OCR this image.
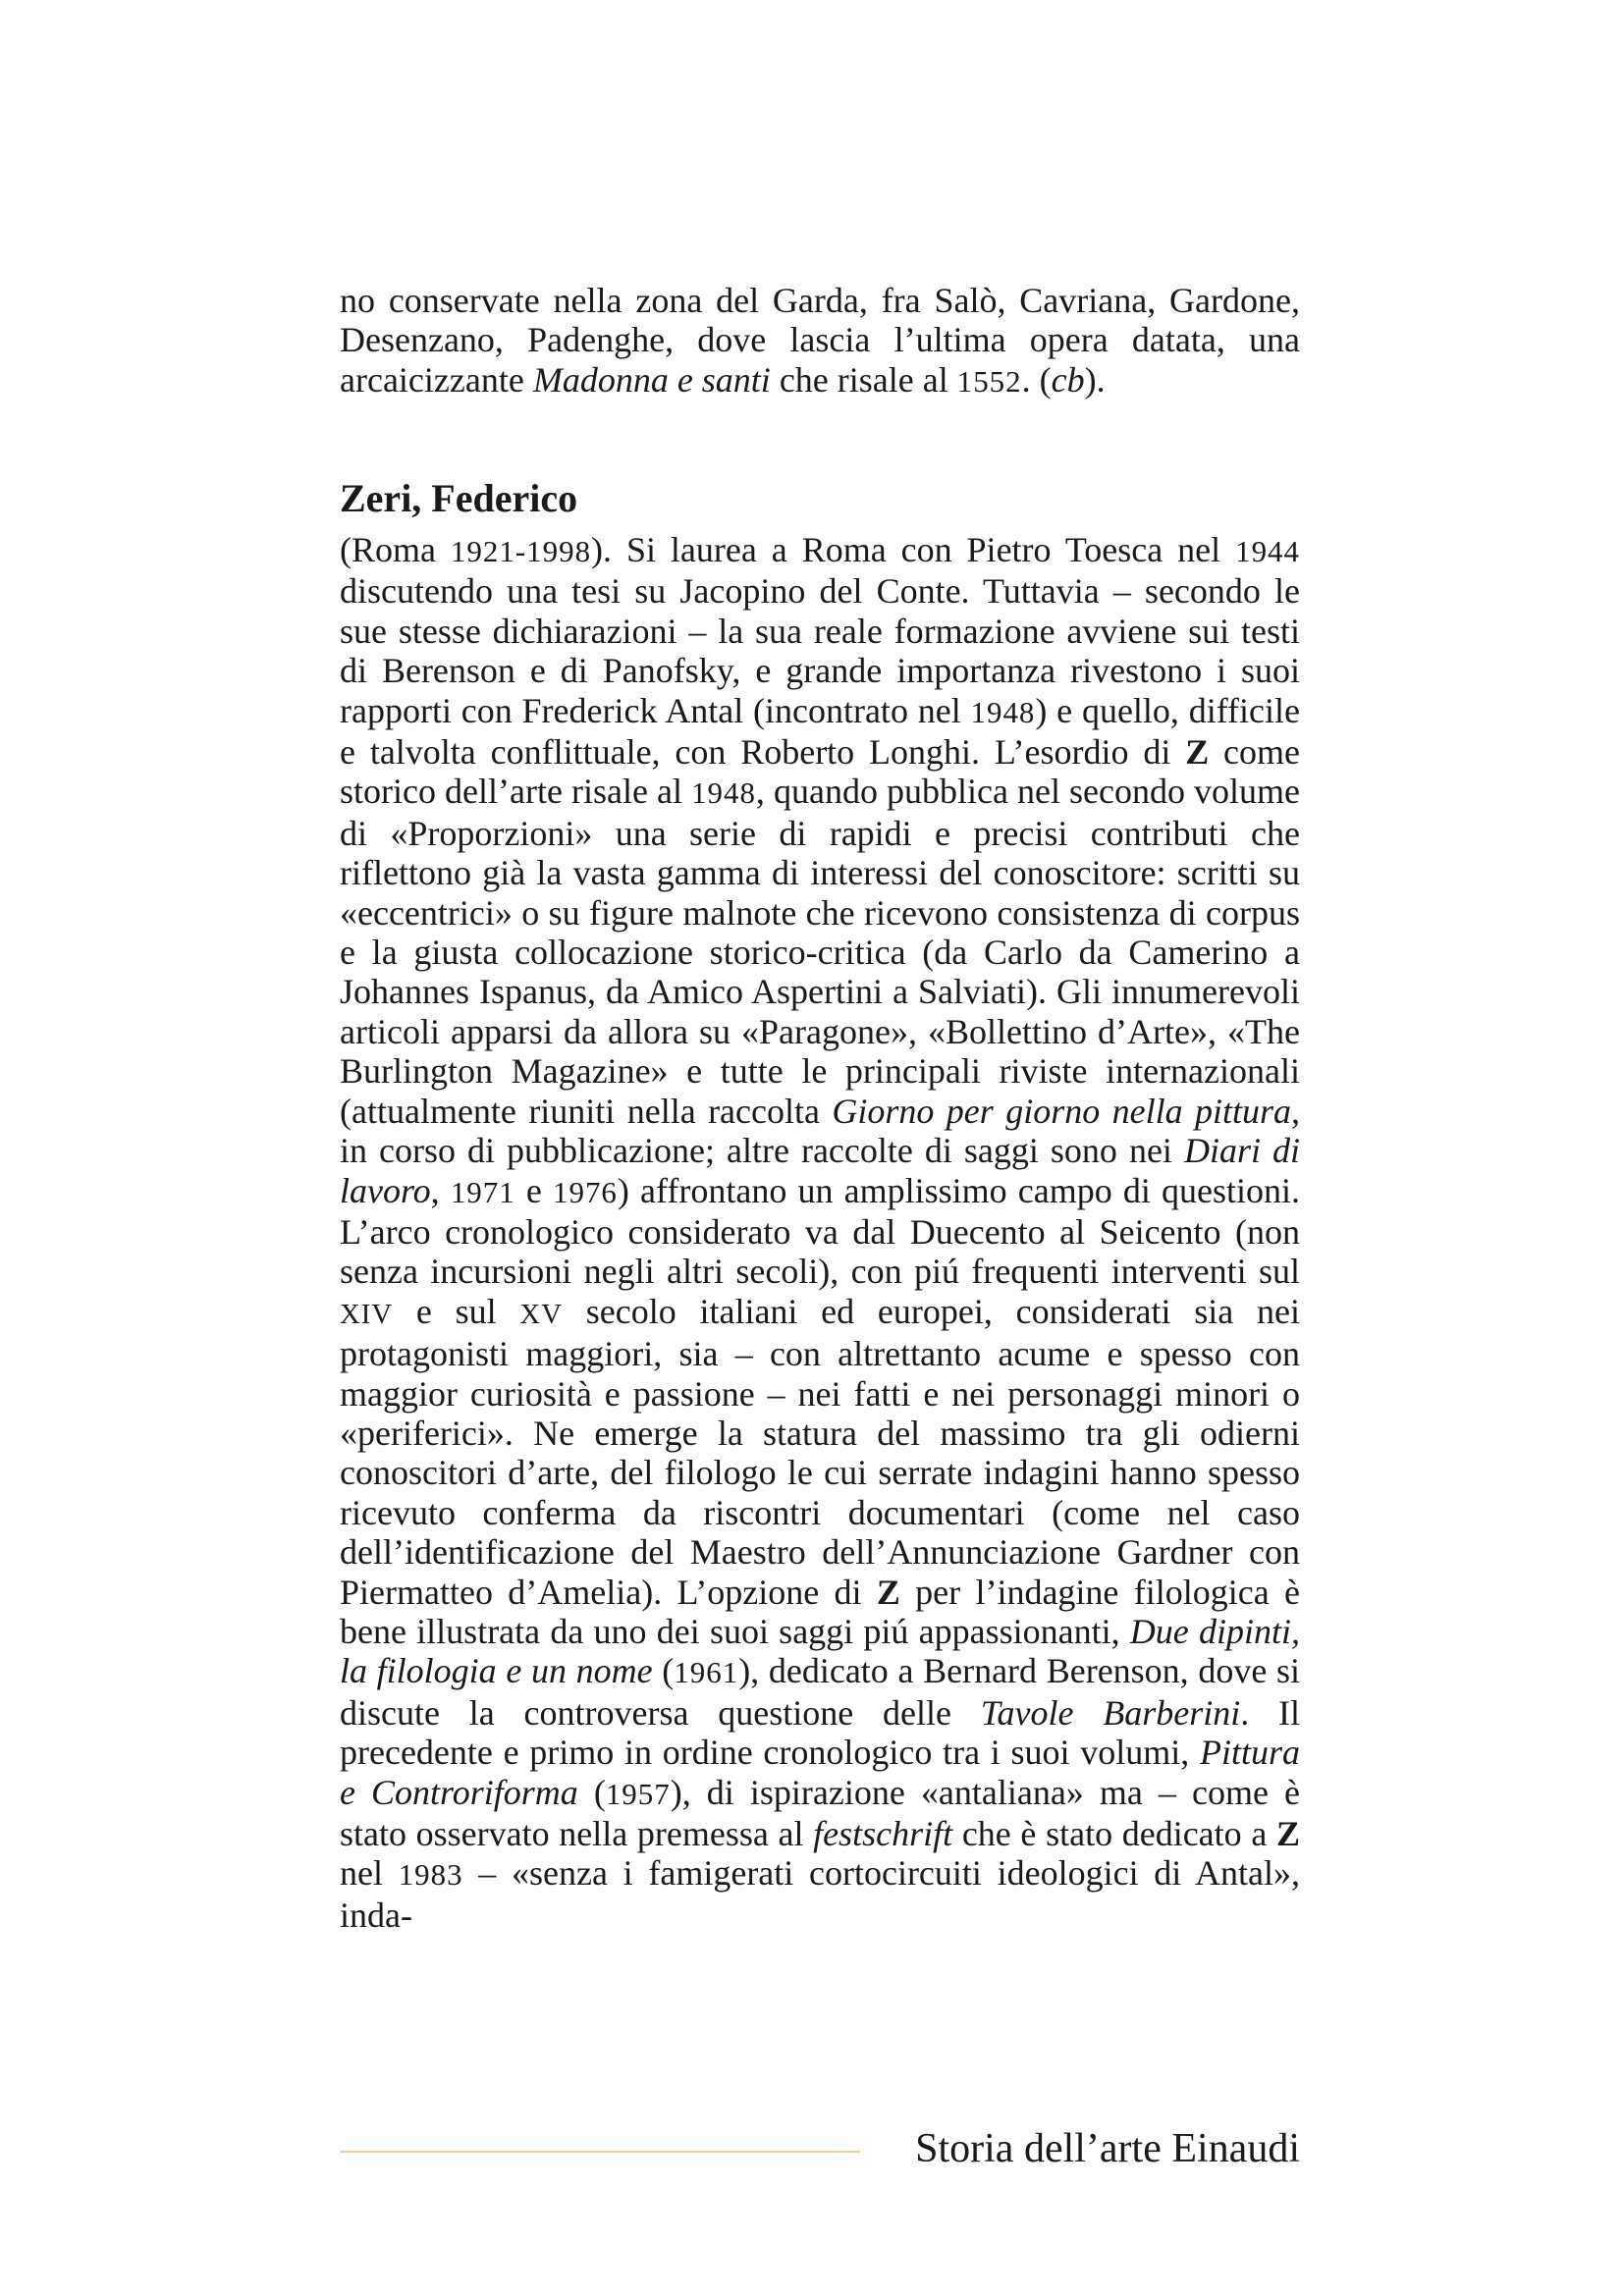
no conservate nella zona del Garda, fra Salò, Cavriana, Gardone, Desenzano, Padenghe, dove lascia l’ultima opera datata, una arcaicizzante Madonna e santi che risale al 1552. (cb).

Zeri, Federico

(Roma 1921-1998). Si laurea a Roma con Pietro Toesca nel 1944 discutendo una tesi su Jacopino del Conte. Tuttavia – secondo le sue stesse dichiarazioni – la sua reale formazione avviene sui testi di Berenson e di Panofsky, e grande importanza rivestono i suoi rapporti con Frederick Antal (incontrato nel 1948) e quello, difficile e talvolta conflittuale, con Roberto Longhi. L’esordio di Z come storico dell’arte risale al 1948, quando pubblica nel secondo volume di «Proporzioni» una serie di rapidi e precisi contributi che riflettono già la vasta gamma di interessi del conoscitore: scritti su «eccentrici» o su figure malnote che ricevono consistenza di corpus e la giusta collocazione storico-critica (da Carlo da Camerino a Johannes Ispanus, da Amico Aspertini a Salviati). Gli innumerevoli articoli apparsi da allora su «Paragone», «Bollettino d’Arte», «The Burlington Magazine» e tutte le principali riviste internazionali (attualmente riuniti nella raccolta Giorno per giorno nella pittura, in corso di pubblicazione; altre raccolte di saggi sono nei Diari di lavoro, 1971 e 1976) affrontano un amplissimo campo di questioni. L’arco cronologico considerato va dal Duecento al Seicento (non senza incursioni negli altri secoli), con piú frequenti interventi sul XIV e sul XV secolo italiani ed europei, considerati sia nei protagonisti maggiori, sia – con altrettanto acume e spesso con maggior curiosità e passione – nei fatti e nei personaggi minori o «periferici». Ne emerge la statura del massimo tra gli odierni conoscitori d’arte, del filologo le cui serrate indagini hanno spesso ricevuto conferma da riscontri documentari (come nel caso dell’identificazione del Maestro dell’Annunciazione Gardner con Piermatteo d’Amelia). L’opzione di Z per l’indagine filologica è bene illustrata da uno dei suoi saggi piú appassionanti, Due dipinti, la filologia e un nome (1961), dedicato a Bernard Berenson, dove si discute la controversa questione delle Tavole Barberini. Il precedente e primo in ordine cronologico tra i suoi volumi, Pittura e Controriforma (1957), di ispirazione «antaliana» ma – come è stato osservato nella premessa al festschrift che è stato dedicato a Z nel 1983 – «senza i famigerati cortocircuiti ideologici di Antal», inda-

Storia dell’arte Einaudi
